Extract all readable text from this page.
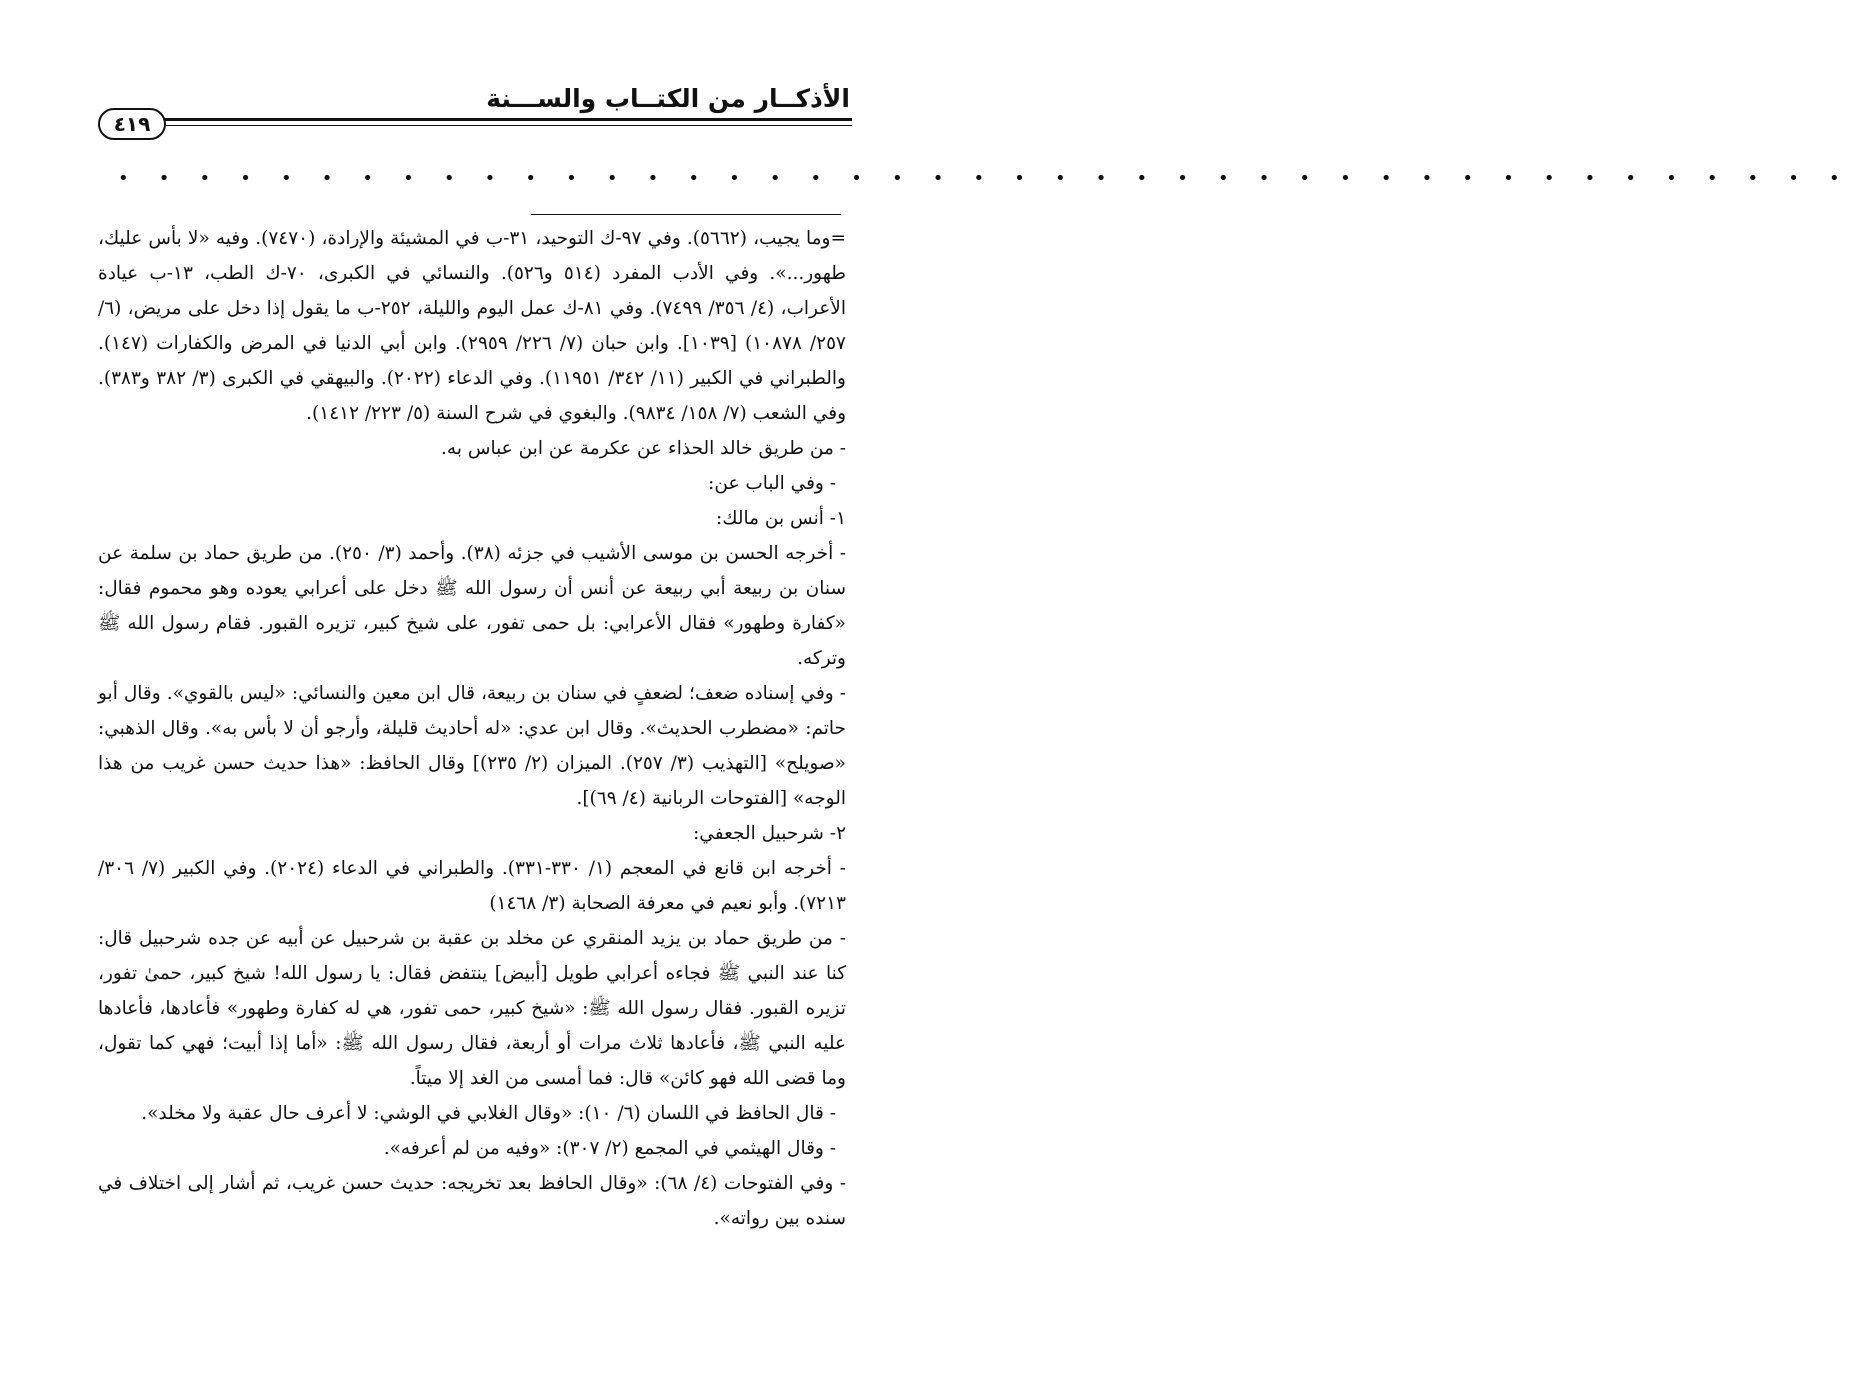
الأذكــار من الكتــاب والســـنة
٤١٩
• • • • • • • • • • • • • • • • • • • • • • • • • • • • • • • • • • • • • • • • • • •

=وما يجيب، (٥٦٦٢). وفي ٩٧-ك التوحيد، ٣١-ب في المشيئة والإرادة، (٧٤٧٠). وفيه «لا بأس عليك، طهور...». وفي الأدب المفرد (٥١٤ و٥٢٦). والنسائي في الكبرى، ٧٠-ك الطب، ١٣-ب عيادة الأعراب، (٤/ ٣٥٦/ ٧٤٩٩). وفي ٨١-ك عمل اليوم والليلة، ٢٥٢-ب ما يقول إذا دخل على مريض، (٦/ ٢٥٧/ ١٠٨٧٨) [١٠٣٩]. وابن حبان (٧/ ٢٢٦/ ٢٩٥٩). وابن أبي الدنيا في المرض والكفارات (١٤٧). والطبراني في الكبير (١١/ ٣٤٢/ ١١٩٥١). وفي الدعاء (٢٠٢٢). والبيهقي في الكبرى (٣/ ٣٨٢ و٣٨٣). وفي الشعب (٧/ ١٥٨/ ٩٨٣٤). والبغوي في شرح السنة (٥/ ٢٢٣/ ١٤١٢).

- من طريق خالد الحذاء عن عكرمة عن ابن عباس به.

- وفي الباب عن:

١- أنس بن مالك:

- أخرجه الحسن بن موسى الأشيب في جزئه (٣٨). وأحمد (٣/ ٢٥٠). من طريق حماد بن سلمة عن سنان بن ربيعة أبي ربيعة عن أنس أن رسول الله ﷺ دخل على أعرابي يعوده وهو محموم فقال: «كفارة وطهور» فقال الأعرابي: بل حمى تفور، على شيخ كبير، تزيره القبور. فقام رسول الله ﷺ وتركه.

- وفي إسناده ضعف؛ لضعفٍ في سنان بن ربيعة، قال ابن معين والنسائي: «ليس بالقوي». وقال أبو حاتم: «مضطرب الحديث». وقال ابن عدي: «له أحاديث قليلة، وأرجو أن لا بأس به». وقال الذهبي: «صويلح» [التهذيب (٣/ ٢٥٧). الميزان (٢/ ٢٣٥)] وقال الحافظ: «هذا حديث حسن غريب من هذا الوجه» [الفتوحات الربانية (٤/ ٦٩)].

٢- شرحبيل الجعفي:

- أخرجه ابن قانع في المعجم (١/ ٣٣٠-٣٣١). والطبراني في الدعاء (٢٠٢٤). وفي الكبير (٧/ ٣٠٦/ ٧٢١٣). وأبو نعيم في معرفة الصحابة (٣/ ١٤٦٨)

- من طريق حماد بن يزيد المنقري عن مخلد بن عقبة بن شرحبيل عن أبيه عن جده شرحبيل قال: كنا عند النبي ﷺ فجاءه أعرابي طويل [أبيض] ينتفض فقال: يا رسول الله! شيخ كبير، حمىٰ تفور، تزيره القبور. فقال رسول الله ﷺ: «شيخ كبير، حمى تفور، هي له كفارة وطهور» فأعادها، فأعادها عليه النبي ﷺ، فأعادها ثلاث مرات أو أربعة، فقال رسول الله ﷺ: «أما إذا أبيت؛ فهي كما تقول، وما قضى الله فهو كائن» قال: فما أمسى من الغد إلا ميتاً.

- قال الحافظ في اللسان (٦/ ١٠): «وقال الغلابي في الوشي: لا أعرف حال عقبة ولا مخلد».

- وقال الهيثمي في المجمع (٢/ ٣٠٧): «وفيه من لم أعرفه».

- وفي الفتوحات (٤/ ٦٨): «وقال الحافظ بعد تخريجه: حديث حسن غريب، ثم أشار إلى اختلاف في سنده بين رواته».
